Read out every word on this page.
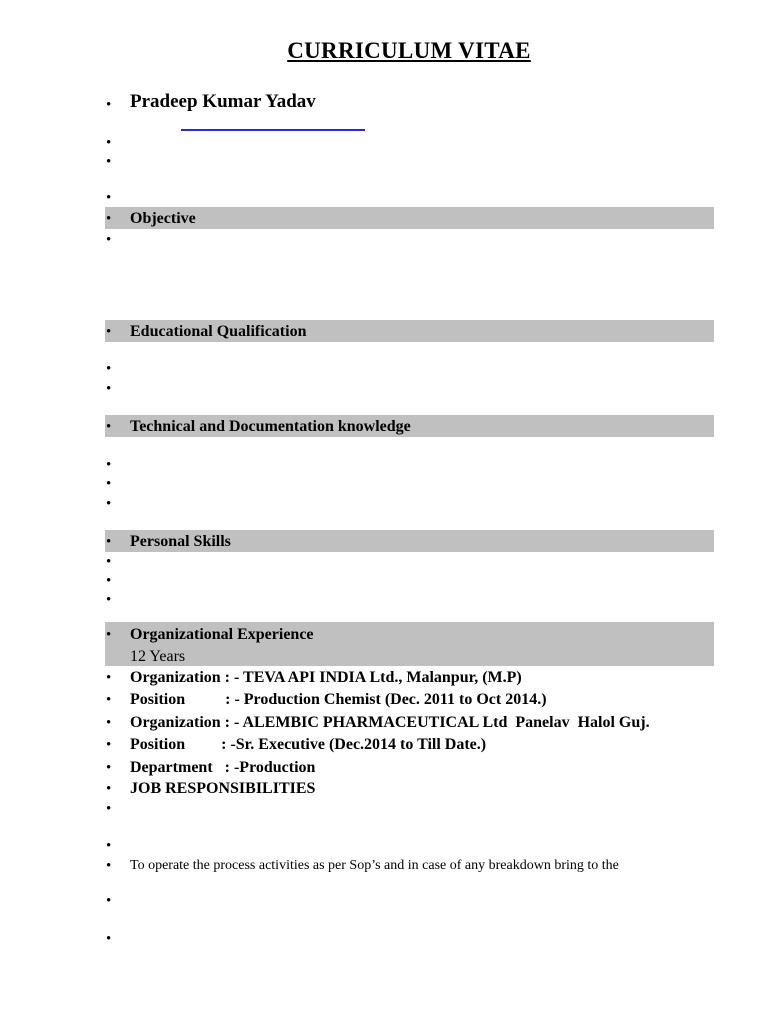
CURRICULUM VITAE
• Pradeep Kumar Yadav
•
•
•
• Objective
•
• Educational Qualification
•
•
• Technical and Documentation knowledge
•
•
•
• Personal Skills
•
•
•
• Organizational Experience
12 Years
• Organization : - TEVA API INDIA Ltd., Malanpur, (M.P)
• Position          : - Production Chemist (Dec. 2011 to Oct 2014.)
• Organization : - ALEMBIC PHARMACEUTICAL Ltd  Panelav  Halol Guj.
• Position         : -Sr. Executive (Dec.2014 to Till Date.)
• Department   : -Production
• JOB RESPONSIBILITIES
•
•
• To operate the process activities as per Sop’s and in case of any breakdown bring to the
•
•
